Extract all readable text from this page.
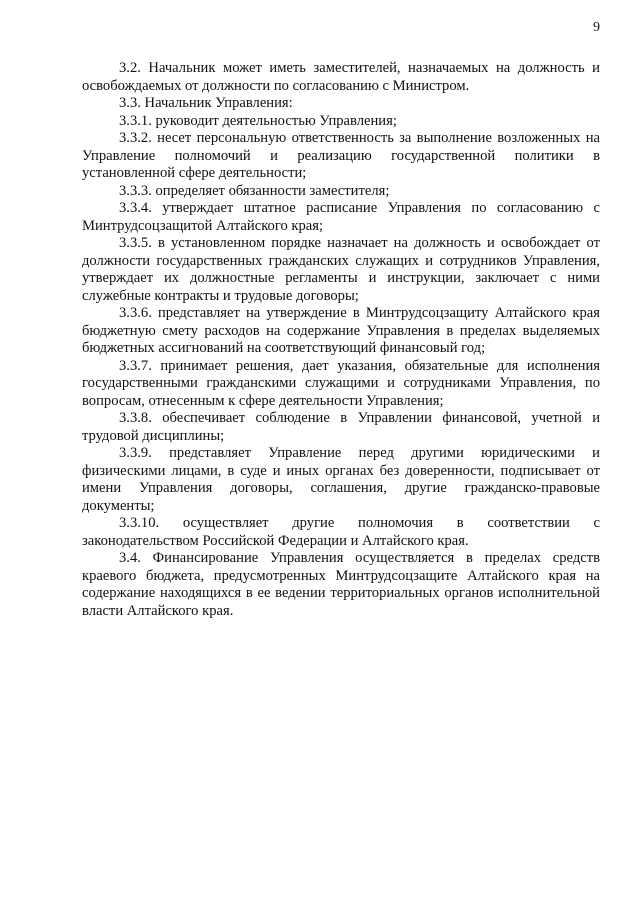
9

3.2. Начальник может иметь заместителей, назначаемых на должность и освобождаемых от должности по согласованию с Министром.

3.3. Начальник Управления:

3.3.1. руководит деятельностью Управления;

3.3.2. несет персональную ответственность за выполнение возложенных на Управление полномочий и реализацию государственной политики в установленной сфере деятельности;

3.3.3. определяет обязанности заместителя;

3.3.4. утверждает штатное расписание Управления по согласованию с Минтрудсоцзащитой Алтайского края;

3.3.5. в установленном порядке назначает на должность и освобождает от должности государственных гражданских служащих и сотрудников Управления, утверждает их должностные регламенты и инструкции, заключает с ними служебные контракты и трудовые договоры;

3.3.6. представляет на утверждение в Минтрудсоцзащиту Алтайского края бюджетную смету расходов на содержание Управления в пределах выделяемых бюджетных ассигнований на соответствующий финансовый год;

3.3.7. принимает решения, дает указания, обязательные для исполнения государственными гражданскими служащими и сотрудниками Управления, по вопросам, отнесенным к сфере деятельности Управления;

3.3.8. обеспечивает соблюдение в Управлении финансовой, учетной и трудовой дисциплины;

3.3.9. представляет Управление перед другими юридическими и физическими лицами, в суде и иных органах без доверенности, подписывает от имени Управления договоры, соглашения, другие гражданско-правовые документы;

3.3.10. осуществляет другие полномочия в соответствии с законодательством Российской Федерации и Алтайского края.

3.4. Финансирование Управления осуществляется в пределах средств краевого бюджета, предусмотренных Минтрудсоцзащите Алтайского края на содержание находящихся в ее ведении территориальных органов исполнительной власти Алтайского края.
